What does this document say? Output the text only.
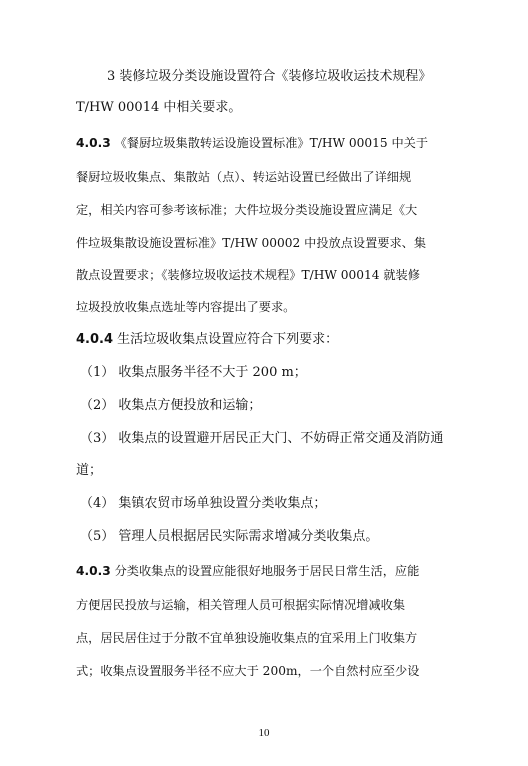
3 装修垃圾分类设施设置符合《装修垃圾收运技术规程》
T/HW 00014 中相关要求。
4.0.3 《餐厨垃圾集散转运设施设置标准》T/HW 00015 中关于
餐厨垃圾收集点、集散站（点）、转运站设置已经做出了详细规
定，相关内容可参考该标准；大件垃圾分类设施设置应满足《大
件垃圾集散设施设置标准》T/HW 00002 中投放点设置要求、集
散点设置要求；《装修垃圾收运技术规程》T/HW 00014 就装修
垃圾投放收集点选址等内容提出了要求。
4.0.4 生活垃圾收集点设置应符合下列要求：
（1） 收集点服务半径不大于 200 m；
（2） 收集点方便投放和运输；
（3） 收集点的设置避开居民正大门、不妨碍正常交通及消防通
道；
（4） 集镇农贸市场单独设置分类收集点；
（5） 管理人员根据居民实际需求增减分类收集点。
4.0.3 分类收集点的设置应能很好地服务于居民日常生活，应能
方便居民投放与运输，相关管理人员可根据实际情况增减收集
点，居民居住过于分散不宜单独设施收集点的宜采用上门收集方
式；收集点设置服务半径不应大于 200m，一个自然村应至少设
10
